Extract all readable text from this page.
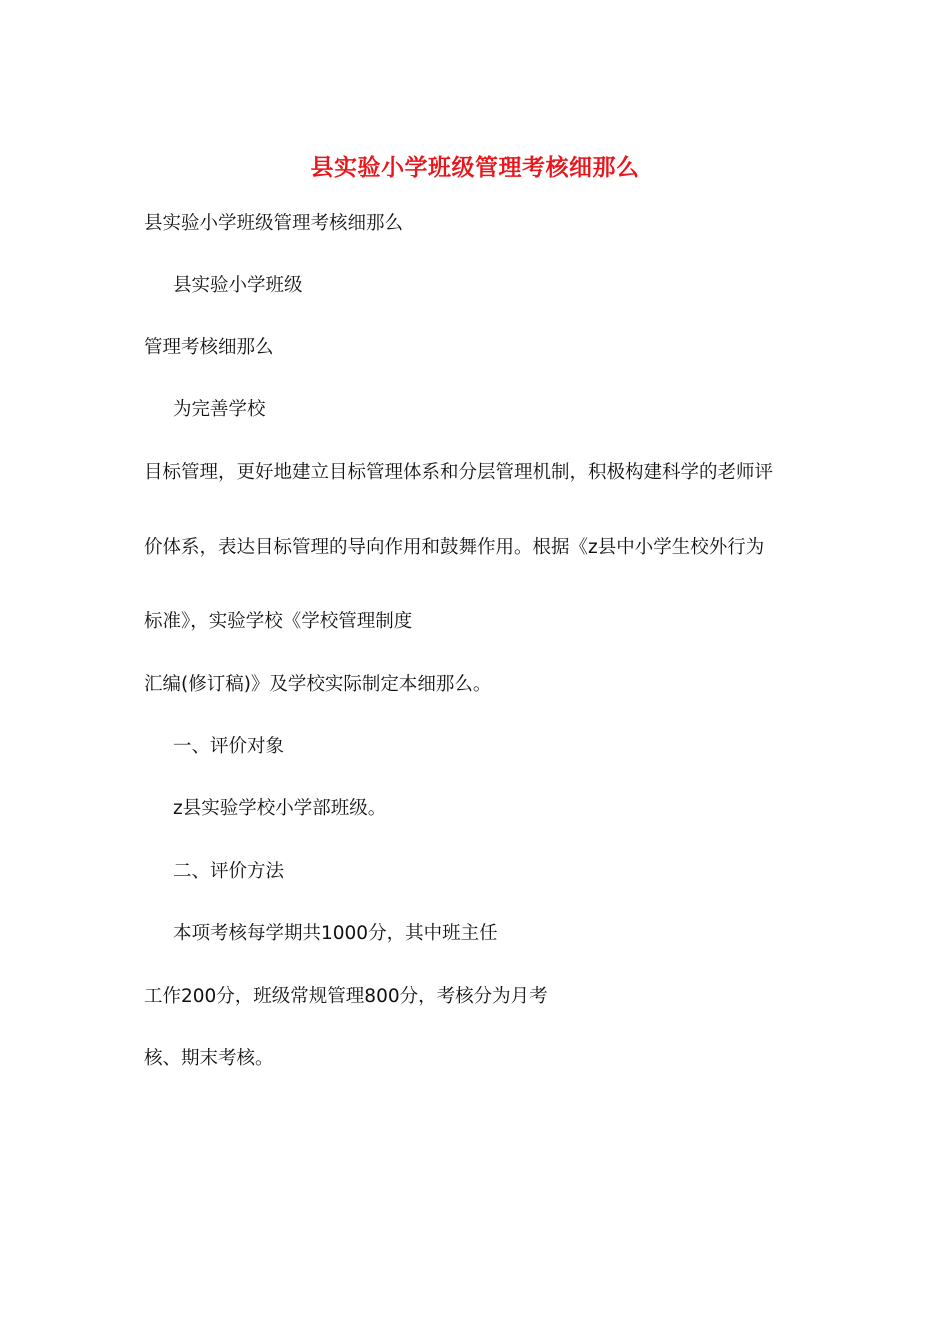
县实验小学班级管理考核细那么
县实验小学班级管理考核细那么
县实验小学班级
管理考核细那么
为完善学校
目标管理，更好地建立目标管理体系和分层管理机制，积极构建科学的老师评
价体系，表达目标管理的导向作用和鼓舞作用。根据《z县中小学生校外行为
标准》，实验学校《学校管理制度
汇编(修订稿)》及学校实际制定本细那么。
一、评价对象
z县实验学校小学部班级。
二、评价方法
本项考核每学期共1000分，其中班主任
工作200分，班级常规管理800分，考核分为月考
核、期末考核。
